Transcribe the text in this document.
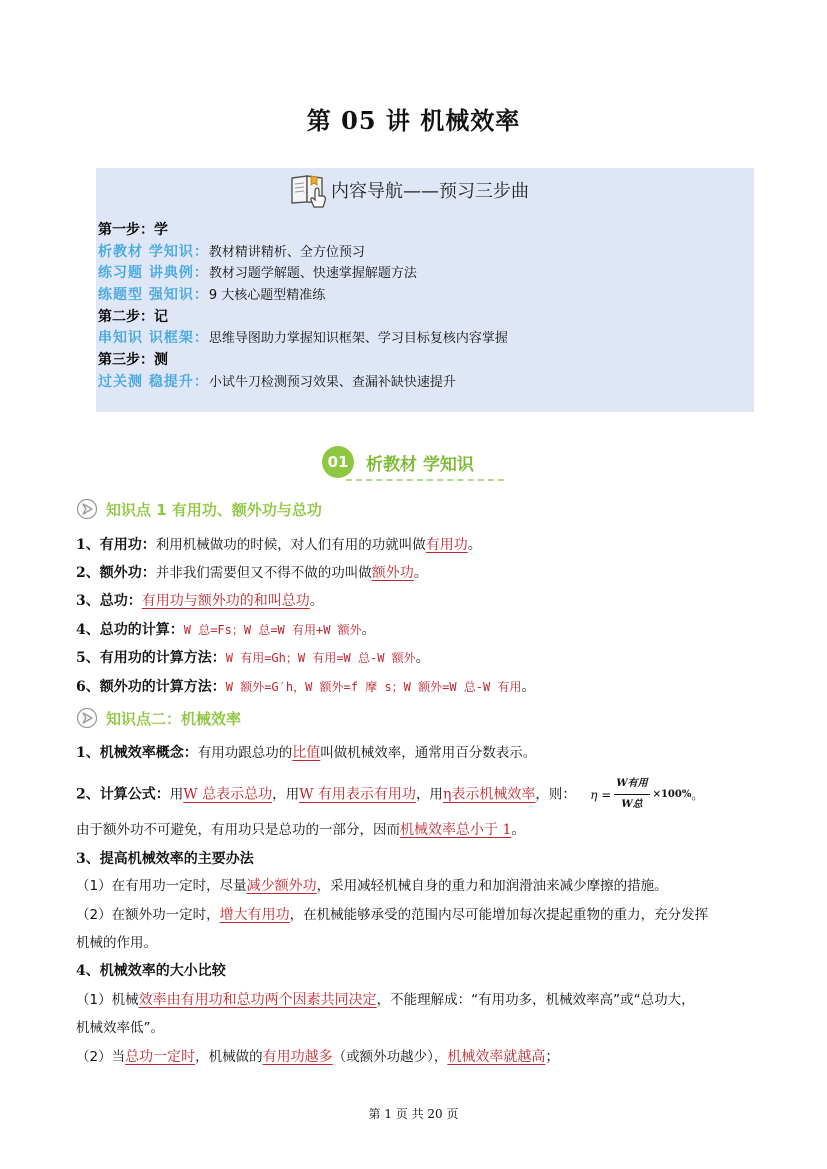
第 05 讲 机械效率
内容导航——预习三步曲
第一步：学
析教材 学知识：教材精讲精析、全方位预习
练习题 讲典例：教材习题学解题、快速掌握解题方法
练题型 强知识：9 大核心题型精准练
第二步：记
串知识 识框架：思维导图助力掌握知识框架、学习目标复核内容掌握
第三步：测
过关测 稳提升：小试牛刀检测预习效果、查漏补缺快速提升
01	析教材 学知识
知识点 1 有用功、额外功与总功
1、有用功：利用机械做功的时候，对人们有用的功就叫做有用功。
2、额外功：并非我们需要但又不得不做的功叫做额外功。
3、总功：有用功与额外功的和叫总功。
4、总功的计算：W 总=Fs；W 总=W 有用+W 额外。
5、有用功的计算方法：W 有用=Gh；W 有用=W 总-W 额外。
6、额外功的计算方法：W 额外=G′h，W 额外=f 摩 s；W 额外=W 总-W 有用。
知识点二：机械效率
1、机械效率概念：有用功跟总功的比值叫做机械效率，通常用百分数表示。
2、计算公式：用W 总表示总功，用W 有用表示有用功，用η表示机械效率，则： $\eta = \frac{\text{W有用}}{\text{W总}} \times 100\%$ 。
由于额外功不可避免，有用功只是总功的一部分，因而机械效率总小于 1。
3、提高机械效率的主要办法
（1）在有用功一定时，尽量减少额外功，采用减轻机械自身的重力和加润滑油来减少摩擦的措施。
（2）在额外功一定时，增大有用功，在机械能够承受的范围内尽可能增加每次提起重物的重力，充分发挥
机械的作用。
4、机械效率的大小比较
（1）机械效率由有用功和总功两个因素共同决定，不能理解成：“有用功多，机械效率高”或“总功大，
机械效率低”。
（2）当总功一定时，机械做的有用功越多（或额外功越少），机械效率就越高；
第 1 页 共 20 页
